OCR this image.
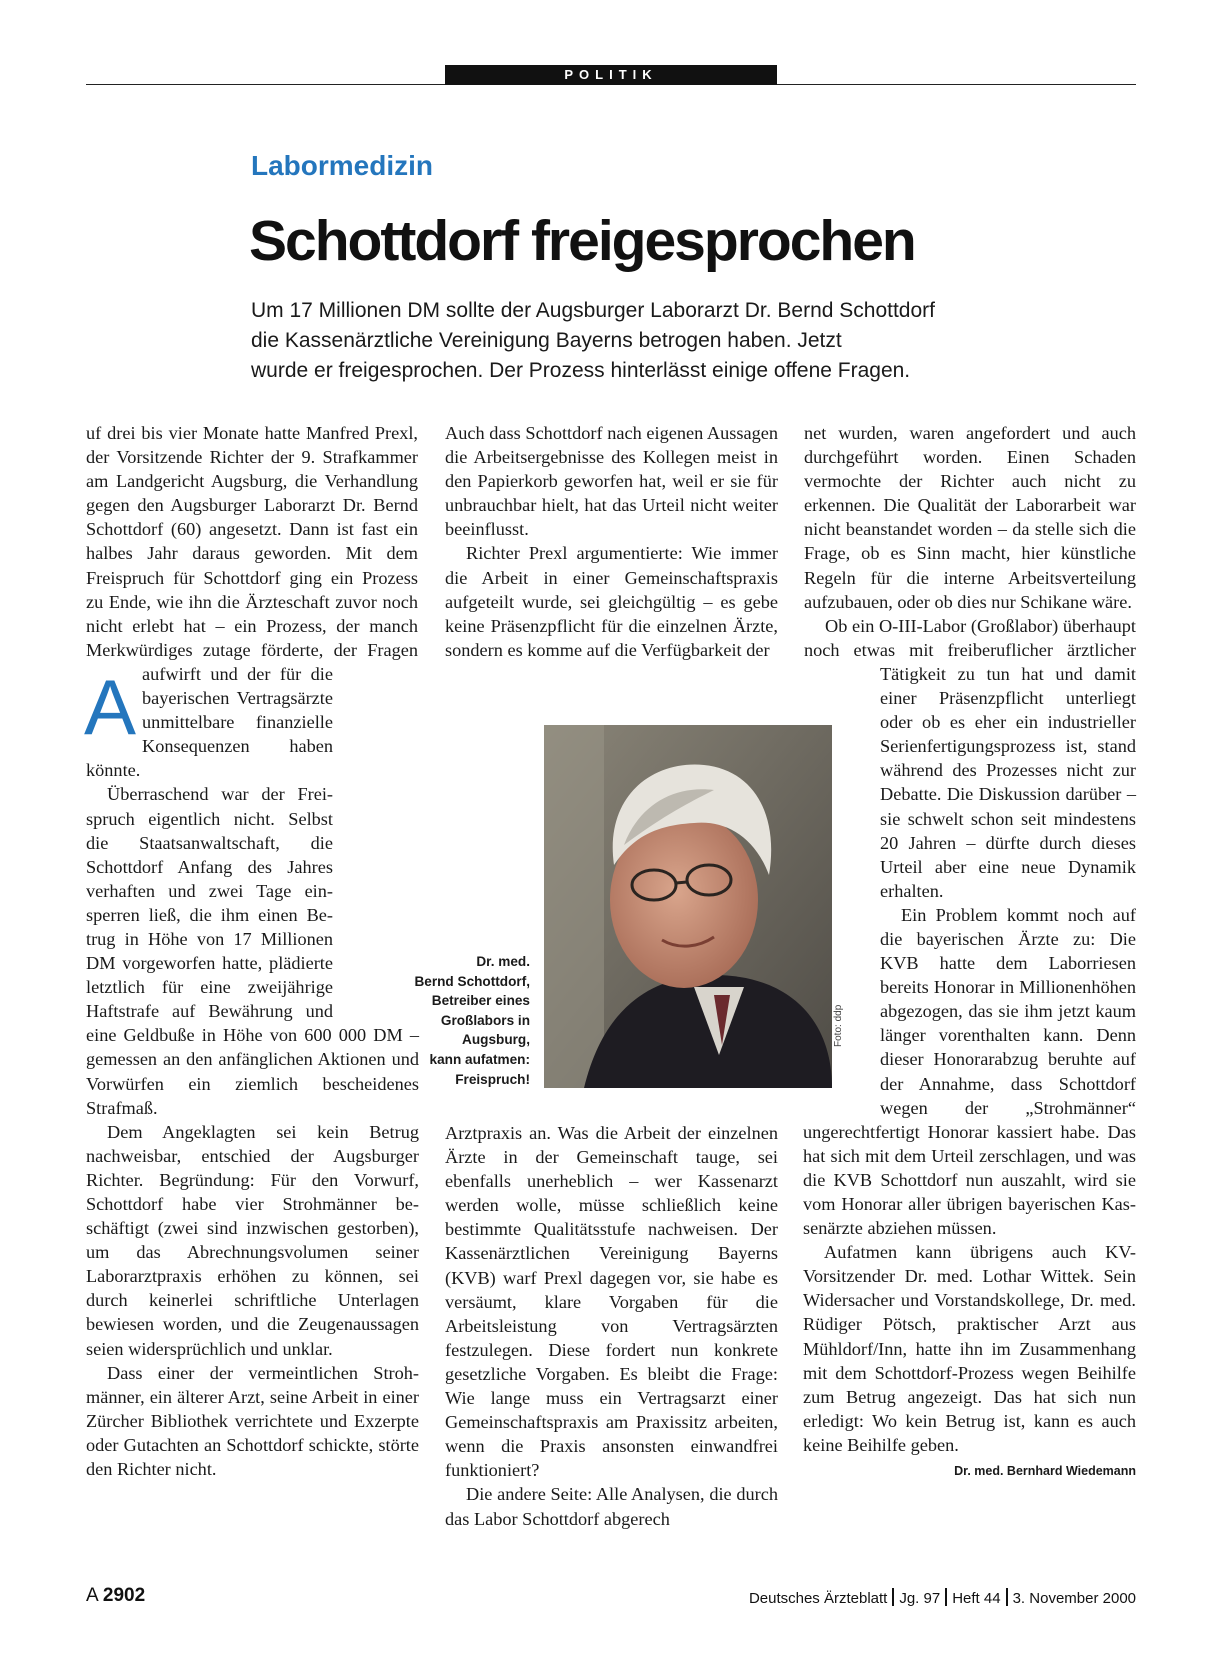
POLITIK
Labormedizin
Schottdorf freigesprochen
Um 17 Millionen DM sollte der Augsburger Laborarzt Dr. Bernd Schottdorf
die Kassenärztliche Vereinigung Bayerns betrogen haben. Jetzt
wurde er freigesprochen. Der Prozess hinterlässt einige offene Fragen.

A
uf drei bis vier Monate hatte Manfred Prexl, der Vorsitzende Richter der 9. Strafkammer am Landgericht Augsburg, die Verhandlung gegen den Augsburger Laborarzt Dr. Bernd Schottdorf (60) angesetzt. Dann ist fast ein halbes Jahr daraus geworden. Mit dem Freispruch für Schottdorf ging ein Prozess zu Ende, wie ihn die Ärzteschaft zuvor noch nicht erlebt hat – ein Prozess, der manch Merkwürdiges zutage förderte, der Fragen aufwirft und der für die bayerischen Vertragsärzte unmittelbare finanzielle Konsequenzen haben könnte.

Überraschend war der Freispruch eigentlich nicht. Selbst die Staatsanwaltschaft, die Schottdorf Anfang des Jahres verhaften und zwei Tage einsperren ließ, die ihm einen Betrug in Höhe von 17 Millionen DM vorgeworfen hatte, plädierte letztlich für eine zweijährige Haftstrafe auf Bewährung und eine Geldbuße in Höhe von 600 000 DM – gemessen an den anfänglichen Aktionen und Vorwürfen ein ziemlich bescheidenes Strafmaß.

Dem Angeklagten sei kein Betrug nachweisbar, entschied der Augsburger Richter. Begründung: Für den Vorwurf, Schottdorf habe vier Strohmänner beschäftigt (zwei sind inzwischen gestorben), um das Abrechnungsvolumen seiner Laborarztpraxis erhöhen zu können, sei durch keinerlei schriftliche Unterlagen bewiesen worden, und die Zeugenaussagen seien widersprüchlich und unklar.

Dass einer der vermeintlichen Strohmänner, ein älterer Arzt, seine Arbeit in einer Zürcher Bibliothek verrichtete und Exzerpte oder Gutachten an Schottdorf schickte, störte den Richter nicht.

Auch dass Schottdorf nach eigenen Aussagen die Arbeitsergebnisse des Kollegen meist in den Papierkorb geworfen hat, weil er sie für unbrauchbar hielt, hat das Urteil nicht weiter beeinflusst.

Richter Prexl argumentierte: Wie immer die Arbeit in einer Gemeinschaftspraxis aufgeteilt wurde, sei gleichgültig – es gebe keine Präsenzpflicht für die einzelnen Ärzte, sondern es komme auf die Verfügbarkeit der

Foto: ddp
Dr. med.
Bernd Schottdorf,
Betreiber eines
Großlabors in
Augsburg,
kann aufatmen:
Freispruch!

Arztpraxis an. Was die Arbeit der einzelnen Ärzte in der Gemeinschaft tauge, sei ebenfalls unerheblich – wer Kassenarzt werden wolle, müsse schließlich keine bestimmte Qualitätsstufe nachweisen. Der Kassenärztlichen Vereinigung Bayerns (KVB) warf Prexl dagegen vor, sie habe es versäumt, klare Vorgaben für die Arbeitsleistung von Vertragsärzten festzulegen. Diese fordert nun konkrete gesetzliche Vorgaben. Es bleibt die Frage: Wie lange muss ein Vertragsarzt einer Gemeinschaftspraxis am Praxissitz arbeiten, wenn die Praxis ansonsten einwandfrei funktioniert?

Die andere Seite: Alle Analysen, die durch das Labor Schottdorf abgerech

net wurden, waren angefordert und auch durchgeführt worden. Einen Schaden vermochte der Richter auch nicht zu erkennen. Die Qualität der Laborarbeit war nicht beanstandet worden – da stelle sich die Frage, ob es Sinn macht, hier künstliche Regeln für die interne Arbeitsverteilung aufzubauen, oder ob dies nur Schikane wäre.

Ob ein O-III-Labor (Großlabor) überhaupt noch etwas mit freiberuflicher ärztlicher Tätigkeit zu tun hat und damit einer Präsenzpflicht unterliegt oder ob es eher ein industrieller Serienfertigungsprozess ist, stand während des Prozesses nicht zur Debatte. Die Diskussion darüber – sie schwelt schon seit mindestens 20 Jahren – dürfte durch dieses Urteil aber eine neue Dynamik erhalten.

Ein Problem kommt noch auf die bayerischen Ärzte zu: Die KVB hatte dem Laborriesen bereits Honorar in Millionenhöhen abgezogen, das sie ihm jetzt kaum länger vorenthalten kann. Denn dieser Honorarabzug beruhte auf der Annahme, dass Schottdorf wegen der „Strohmänner“ ungerechtfertigt Honorar kassiert habe. Das hat sich mit dem Urteil zerschlagen, und was die KVB Schottdorf nun auszahlt, wird sie vom Honorar aller übrigen bayerischen Kassenärzte abziehen müssen.

Aufatmen kann übrigens auch KV-Vorsitzender Dr. med. Lothar Wittek. Sein Widersacher und Vorstandskollege, Dr. med. Rüdiger Pötsch, praktischer Arzt aus Mühldorf/Inn, hatte ihn im Zusammenhang mit dem Schottdorf-Prozess wegen Beihilfe zum Betrug angezeigt. Das hat sich nun erledigt: Wo kein Betrug ist, kann es auch keine Beihilfe geben.
Dr. med. Bernhard Wiedemann

A 2902	Deutsches Ärzteblatt Jg. 97 Heft 44 3. November 2000
